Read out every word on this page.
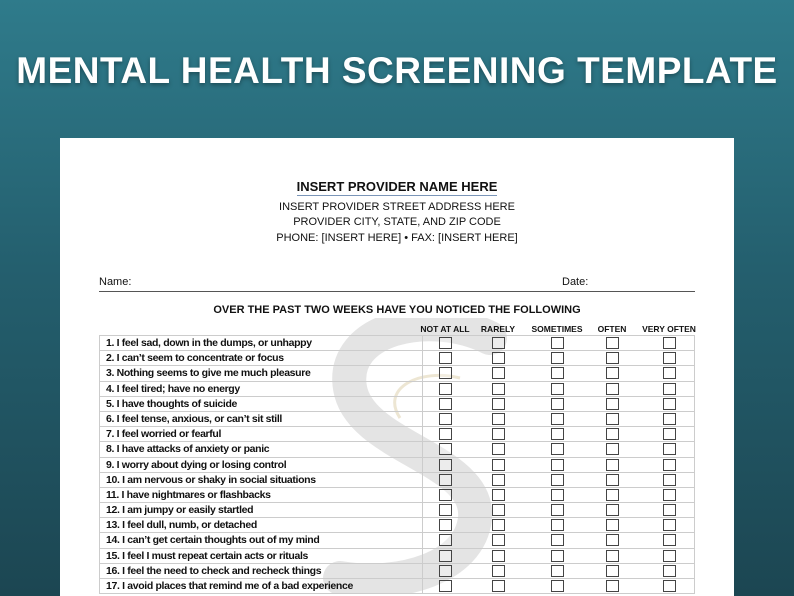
MENTAL HEALTH SCREENING TEMPLATE
INSERT PROVIDER NAME HERE
INSERT PROVIDER STREET ADDRESS HERE
PROVIDER CITY, STATE, AND ZIP CODE
PHONE: [INSERT HERE] • FAX: [INSERT HERE]
Name:	Date:
OVER THE PAST TWO WEEKS HAVE YOU NOTICED THE FOLLOWING
NOT AT ALL RARELY SOMETIMES OFTEN VERY OFTEN
1. I feel sad, down in the dumps, or unhappy
2. I can’t seem to concentrate or focus
3. Nothing seems to give me much pleasure
4. I feel tired; have no energy
5. I have thoughts of suicide
6. I feel tense, anxious, or can’t sit still
7. I feel worried or fearful
8. I have attacks of anxiety or panic
9. I worry about dying or losing control
10. I am nervous or shaky in social situations
11. I have nightmares or flashbacks
12. I am jumpy or easily startled
13. I feel dull, numb, or detached
14. I can’t get certain thoughts out of my mind
15. I feel I must repeat certain acts or rituals
16. I feel the need to check and recheck things
17. I avoid places that remind me of a bad experience
